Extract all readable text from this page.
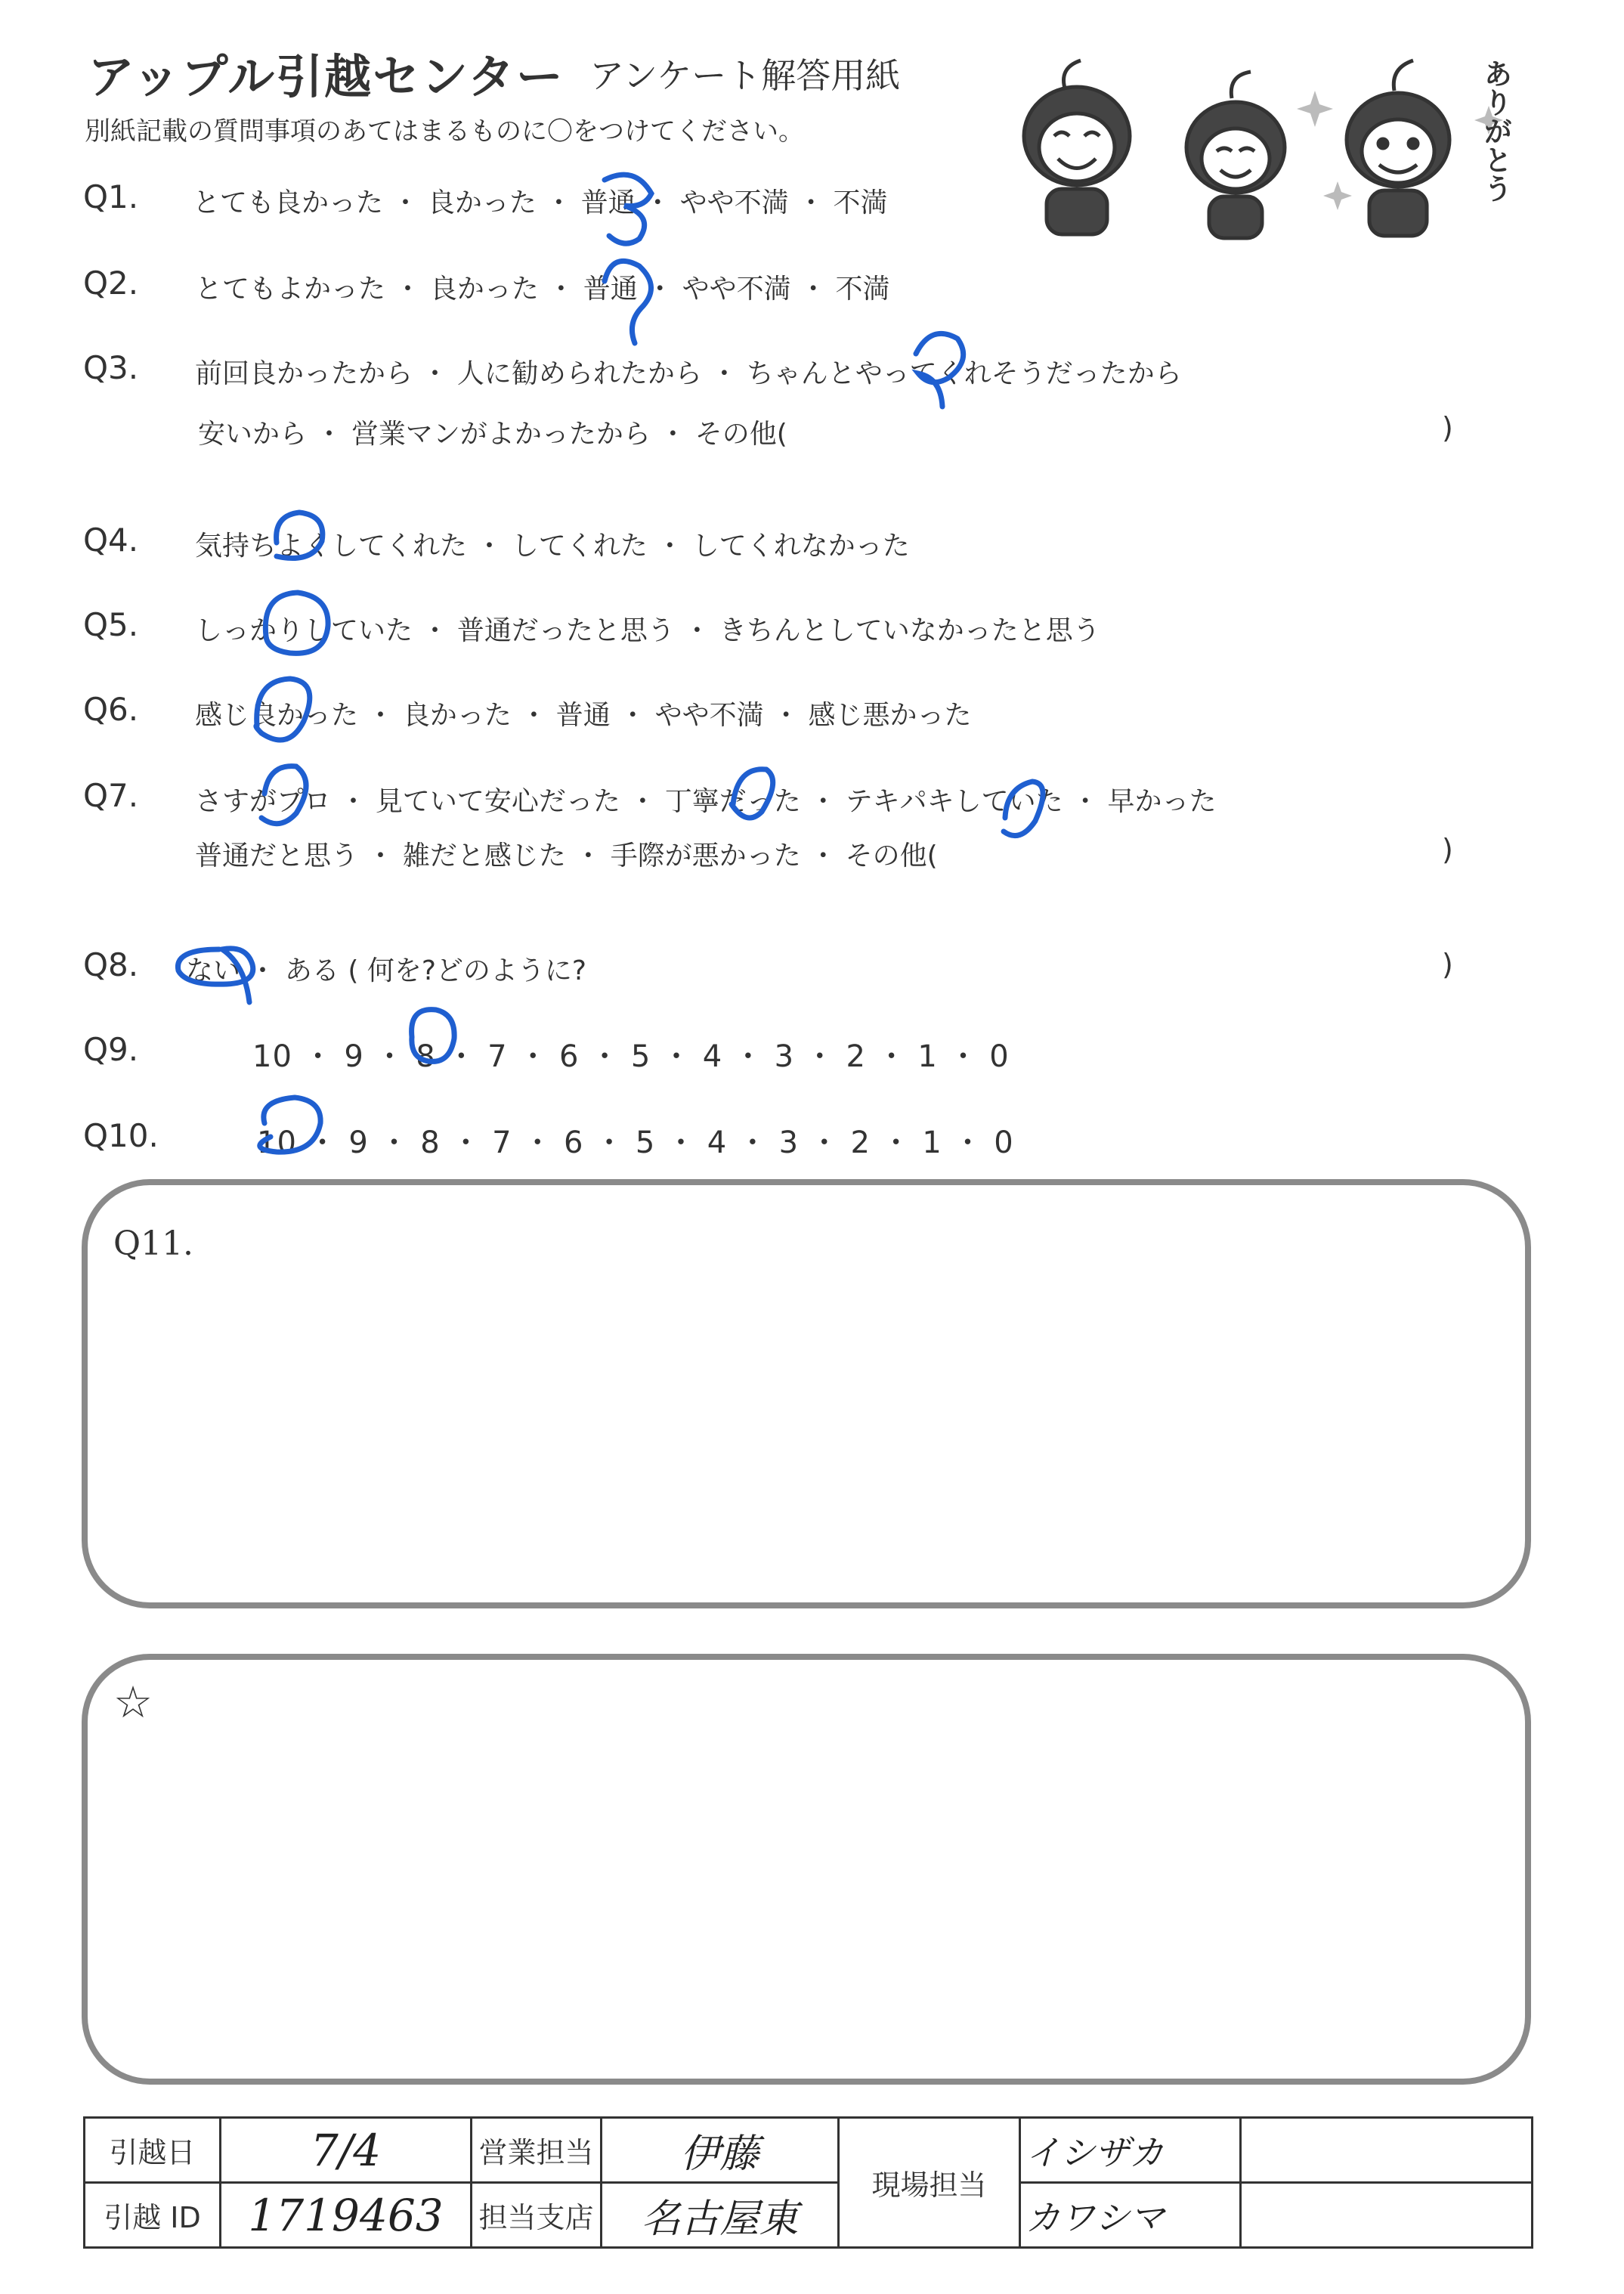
アップル引越センター アンケート解答用紙
別紙記載の質問事項のあてはまるものに〇をつけてください。	ありがとう
Q1. とても良かった ・ 良かった ・ 普通 ・ やや不満 ・ 不満
Q2. とてもよかった ・ 良かった ・ 普通 ・ やや不満 ・ 不満
Q3. 前回良かったから ・ 人に勧められたから ・ ちゃんとやってくれそうだったから
安いから ・ 営業マンがよかったから ・ その他(	)
Q4. 気持ちよくしてくれた ・ してくれた ・ してくれなかった
Q5. しっかりしていた ・ 普通だったと思う ・ きちんとしていなかったと思う
Q6. 感じ良かった ・ 良かった ・ 普通 ・ やや不満 ・ 感じ悪かった
Q7. さすがプロ ・ 見ていて安心だった ・ 丁寧だった ・ テキパキしていた ・ 早かった
普通だと思う ・ 雑だと感じた ・ 手際が悪かった ・ その他(	)
Q8. ない ・ ある ( 何を?どのように?	)
Q9.	10 ・ 9 ・ 8 ・ 7 ・ 6 ・ 5 ・ 4 ・ 3 ・ 2 ・ 1 ・ 0
Q10.	10 ・ 9 ・ 8 ・ 7 ・ 6 ・ 5 ・ 4 ・ 3 ・ 2 ・ 1 ・ 0
Q11.
☆
引越日	7/4	営業担当	伊藤	現場担当	イシザカ	
引越 ID	1719463	担当支店	名古屋東		カワシマ	
